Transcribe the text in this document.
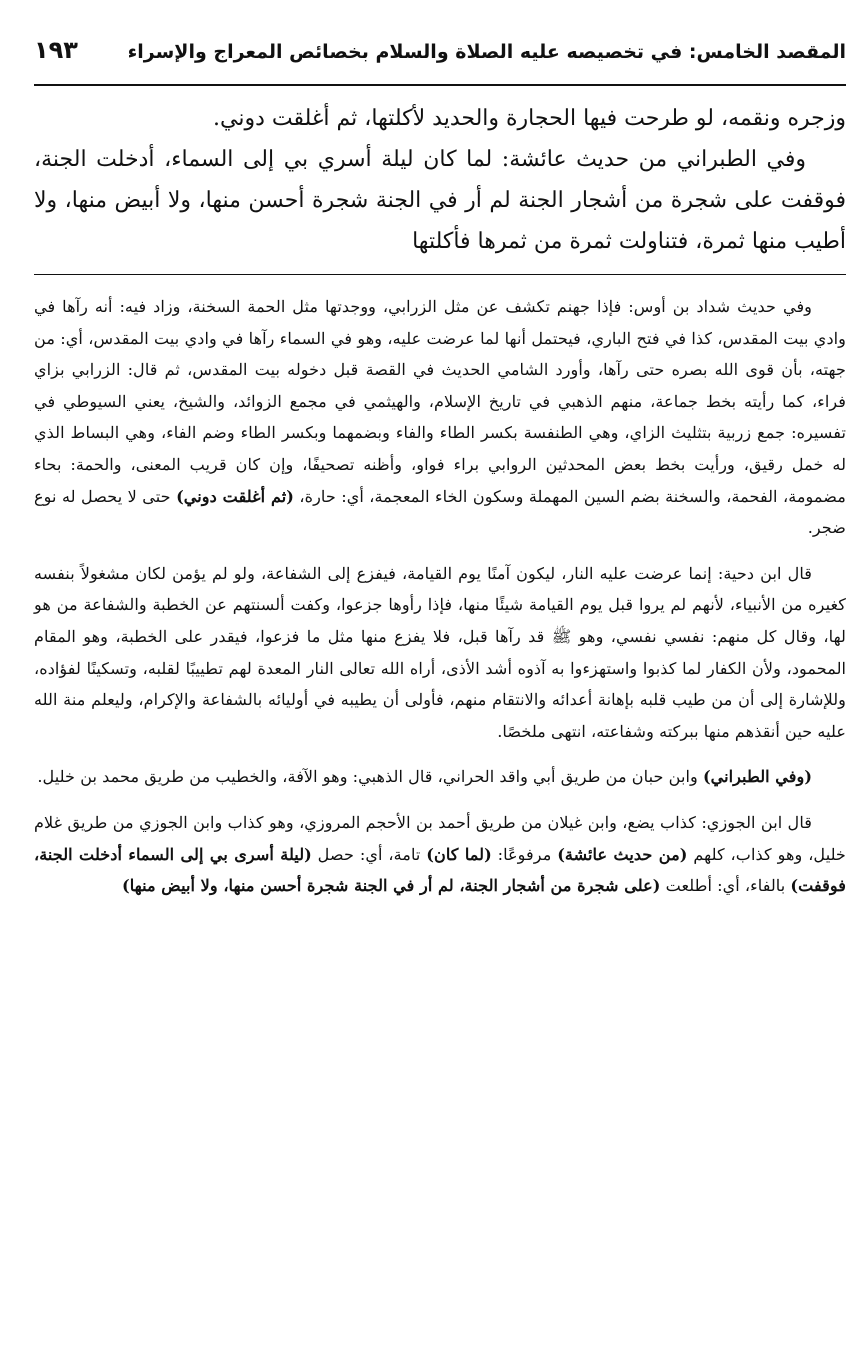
المقصد الخامس: في تخصيصه عليه الصلاة والسلام بخصائص المعراج والإسراء
١٩٣

وزجره ونقمه، لو طرحت فيها الحجارة والحديد لأكلتها، ثم أغلقت دوني.

وفي الطبراني من حديث عائشة: لما كان ليلة أسري بي إلى السماء، أدخلت الجنة، فوقفت على شجرة من أشجار الجنة لم أر في الجنة شجرة أحسن منها، ولا أبيض منها، ولا أطيب منها ثمرة، فتناولت ثمرة من ثمرها فأكلتها

وفي حديث شداد بن أوس: فإذا جهنم تكشف عن مثل الزرابي، ووجدتها مثل الحمة السخنة، وزاد فيه: أنه رآها في وادي بيت المقدس، كذا في فتح الباري، فيحتمل أنها لما عرضت عليه، وهو في السماء رآها في وادي بيت المقدس، أي: من جهته، بأن قوى الله بصره حتى رآها، وأورد الشامي الحديث في القصة قبل دخوله بيت المقدس، ثم قال: الزرابي بزاي فراء، كما رأيته بخط جماعة، منهم الذهبي في تاريخ الإسلام، والهيثمي في مجمع الزوائد، والشيخ، يعني السيوطي في تفسيره: جمع زربية بتثليث الزاي، وهي الطنفسة بكسر الطاء والفاء وبضمهما وبكسر الطاء وضم الفاء، وهي البساط الذي له خمل رقيق، ورأيت بخط بعض المحدثين الروابي براء فواو، وأظنه تصحيفًا، وإن كان قريب المعنى، والحمة: بحاء مضمومة، الفحمة، والسخنة بضم السين المهملة وسكون الخاء المعجمة، أي: حارة، (ثم أغلقت دوني) حتى لا يحصل له نوع ضجر.

قال ابن دحية: إنما عرضت عليه النار، ليكون آمنًا يوم القيامة، فيفزع إلى الشفاعة، ولو لم يؤمن لكان مشغولاً بنفسه كغيره من الأنبياء، لأنهم لم يروا قبل يوم القيامة شيئًا منها، فإذا رأوها جزعوا، وكفت ألسنتهم عن الخطبة والشفاعة من هو لها، وقال كل منهم: نفسي نفسي، وهو ﷺ قد رآها قبل، فلا يفزع منها مثل ما فزعوا، فيقدر على الخطبة، وهو المقام المحمود، ولأن الكفار لما كذبوا واستهزءوا به آذوه أشد الأذى، أراه الله تعالى النار المعدة لهم تطييبًا لقلبه، وتسكينًا لفؤاده، وللإشارة إلى أن من طيب قلبه بإهانة أعدائه والانتقام منهم، فأولى أن يطيبه في أوليائه بالشفاعة والإكرام، وليعلم منة الله عليه حين أنقذهم منها ببركته وشفاعته، انتهى ملخصًا.

(وفي الطبراني) وابن حبان من طريق أبي واقد الحراني، قال الذهبي: وهو الآفة، والخطيب من طريق محمد بن خليل.

قال ابن الجوزي: كذاب يضع، وابن غيلان من طريق أحمد بن الأحجم المروزي، وهو كذاب وابن الجوزي من طريق غلام خليل، وهو كذاب، كلهم (من حديث عائشة) مرفوعًا: (لما كان) تامة، أي: حصل (ليلة أسرى بي إلى السماء أدخلت الجنة، فوقفت) بالفاء، أي: أطلعت (على شجرة من أشجار الجنة، لم أر في الجنة شجرة أحسن منها، ولا أبيض منها)
